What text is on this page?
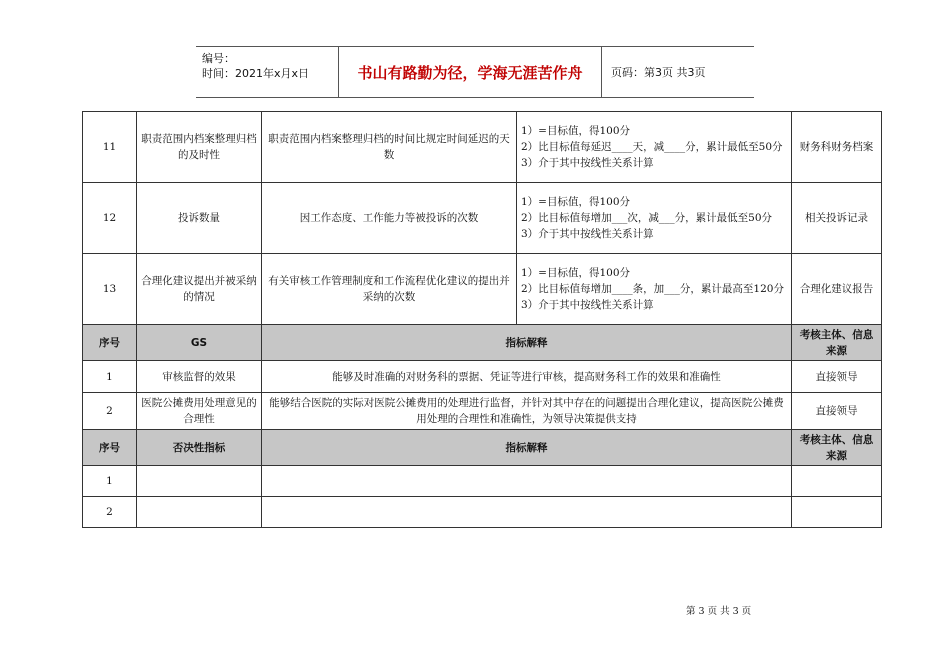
编号：
时间：2021年x月x日	书山有路勤为径，学海无涯苦作舟	页码：第3页 共3页
11	职责范围内档案整理归档的及时性	职责范围内档案整理归档的时间比规定时间延迟的天数	1）=目标值，得100分
2）比目标值每延迟____天，减____分，累计最低至50分
3）介于其中按线性关系计算	财务科财务档案
12	投诉数量	因工作态度、工作能力等被投诉的次数	1）=目标值，得100分
2）比目标值每增加___次，减___分，累计最低至50分
3）介于其中按线性关系计算	相关投诉记录
13	合理化建议提出并被采纳的情况	有关审核工作管理制度和工作流程优化建议的提出并采纳的次数	1）=目标值，得100分
2）比目标值每增加____条，加___分，累计最高至120分
3）介于其中按线性关系计算	合理化建议报告
序号	GS	指标解释		考核主体、信息来源
1	审核监督的效果	能够及时准确的对财务科的票据、凭证等进行审核，提高财务科工作的效果和准确性		直接领导
2	医院公摊费用处理意见的合理性	能够结合医院的实际对医院公摊费用的处理进行监督，并针对其中存在的问题提出合理化建议，提高医院公摊费用处理的合理性和准确性，为领导决策提供支持		直接领导
序号	否决性指标	指标解释		考核主体、信息来源
1				
2				
第 3 页 共 3 页
